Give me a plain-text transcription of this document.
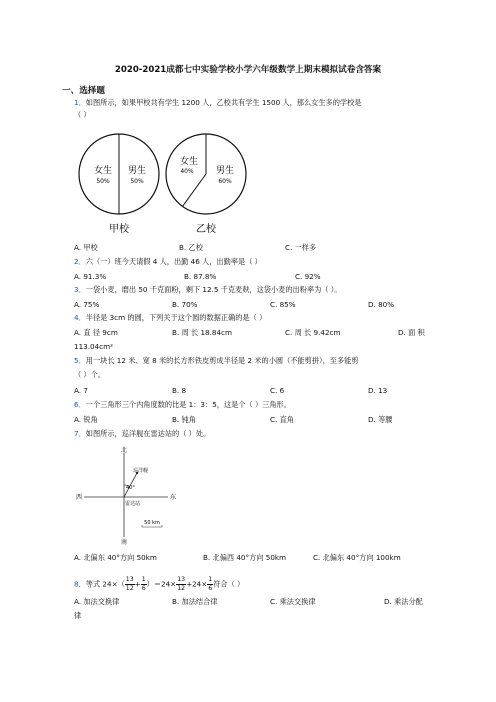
2020-2021成都七中实验学校小学六年级数学上期末模拟试卷含答案
一、选择题
1．如图所示，如果甲校共有学生 1200 人，乙校共有学生 1500 人，那么女生多的学校是
（ ）
女生
50%
男生
50%
甲校
女生
40% 男生
60%
乙校
A. 甲校	B. 乙校	C. 一样多
2．六（一）班今天请假 4 人，出勤 46 人，出勤率是（ ）
A. 91.3%	B. 87.8%	C. 92%
3．一袋小麦，磨出 50 千克面粉，剩下 12.5 千克麦麸，这袋小麦的出粉率为（ ）。
A. 75%	B. 70%	C. 85%	D. 80%
4．半径是 3cm 的圆，下列关于这个圆的数据正确的是（ ）
A. 直 径 9cm	B. 周 长 18.84cm	C. 周 长 9.42cm	D. 面 积
113.04cm²
5．用一块长 12 米、宽 8 米的长方形铁皮剪成半径是 2 米的小圆（不能剪拼），至多能剪
（ ）个。
A. 7	B. 8	C. 6	D. 13
6．一个三角形三个内角度数的比是 1：3：5，这是个（ ）三角形。
A. 锐角	B. 钝角	C. 直角	D. 等腰
7．如图所示，巡洋舰在雷达站的（ ）处。
北
南
东
西
巡洋舰
40°
雷达站
50 km
A. 北偏东 40°方向 50km	B. 北偏西 40°方向 50km	C. 北偏东 40°方向 100km
8．等式 $24\times( \frac{13}{12} + \frac{1}{6} )=24\times \frac{13}{12} +24\times \frac{1}{6}$ 符合（ ）
A. 加法交换律	B. 加法结合律	C. 乘法交换律	D. 乘法分配
律
